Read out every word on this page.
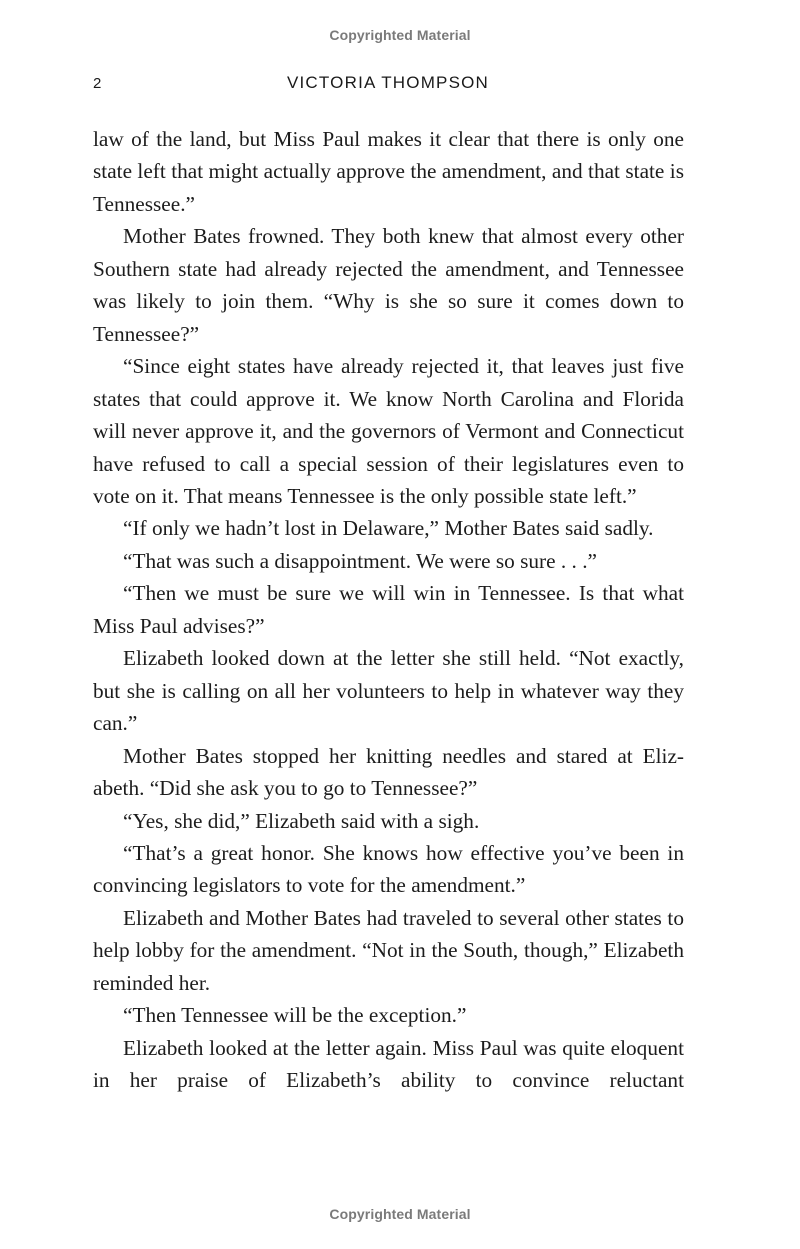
Copyrighted Material
2	VICTORIA THOMPSON

law of the land, but Miss Paul makes it clear that there is only one state left that might actually approve the amendment, and that state is Tennessee.”

Mother Bates frowned. They both knew that almost every other Southern state had already rejected the amendment, and Tennessee was likely to join them. “Why is she so sure it comes down to Tennessee?”

“Since eight states have already rejected it, that leaves just five states that could approve it. We know North Carolina and Florida will never approve it, and the governors of Vermont and Connecticut have refused to call a special session of their legislatures even to vote on it. That means Tennessee is the only possible state left.”

“If only we hadn’t lost in Delaware,” Mother Bates said sadly.

“That was such a disappointment. We were so sure . . .”

“Then we must be sure we will win in Tennessee. Is that what Miss Paul advises?”

Elizabeth looked down at the letter she still held. “Not exactly, but she is calling on all her volunteers to help in whatever way they can.”

Mother Bates stopped her knitting needles and stared at Elizabeth. “Did she ask you to go to Tennessee?”

“Yes, she did,” Elizabeth said with a sigh.

“That’s a great honor. She knows how effective you’ve been in convincing legislators to vote for the amendment.”

Elizabeth and Mother Bates had traveled to several other states to help lobby for the amendment. “Not in the South, though,” Elizabeth reminded her.

“Then Tennessee will be the exception.”

Elizabeth looked at the letter again. Miss Paul was quite eloquent in her praise of Elizabeth’s ability to convince reluctant

Copyrighted Material
